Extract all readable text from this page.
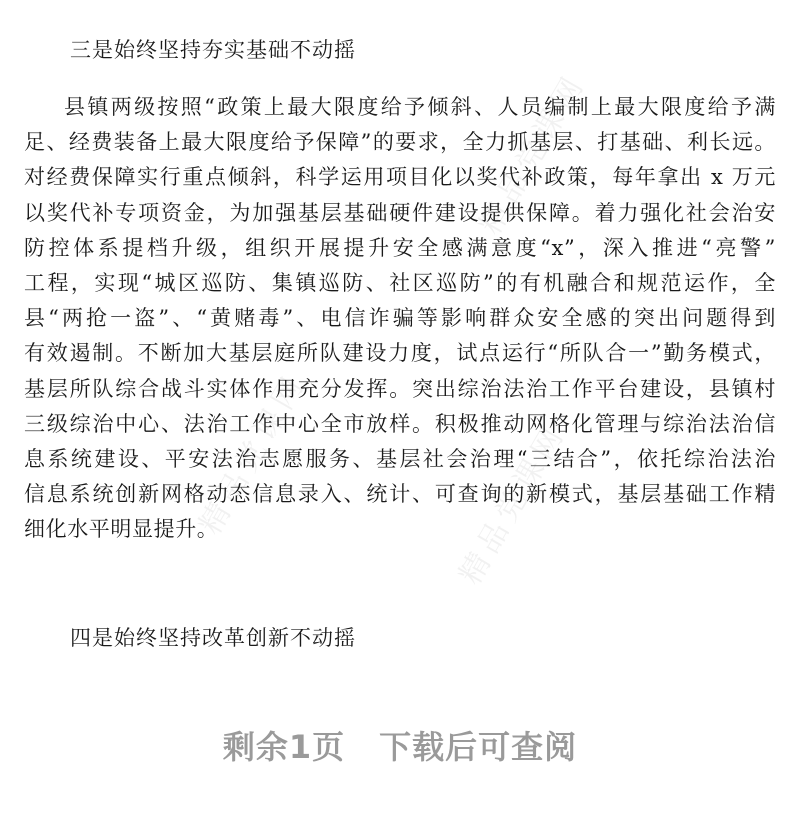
精品党课网
精品党课网	精品党课网
三是始终坚持夯实基础不动摇
县镇两级按照“政策上最大限度给予倾斜、人员编制上最大限度给予满
足、经费装备上最大限度给予保障”的要求，全力抓基层、打基础、利长远。
对经费保障实行重点倾斜，科学运用项目化以奖代补政策，每年拿出 x 万元
以奖代补专项资金，为加强基层基础硬件建设提供保障。着力强化社会治安
防控体系提档升级，组织开展提升安全感满意度“x”，深入推进“亮警”
工程，实现“城区巡防、集镇巡防、社区巡防”的有机融合和规范运作，全
县“两抢一盗”、“黄赌毒”、电信诈骗等影响群众安全感的突出问题得到
有效遏制。不断加大基层庭所队建设力度，试点运行“所队合一”勤务模式，
基层所队综合战斗实体作用充分发挥。突出综治法治工作平台建设，县镇村
三级综治中心、法治工作中心全市放样。积极推动网格化管理与综治法治信
息系统建设、平安法治志愿服务、基层社会治理“三结合”，依托综治法治
信息系统创新网格动态信息录入、统计、可查询的新模式，基层基础工作精
细化水平明显提升。
四是始终坚持改革创新不动摇
剩余1页 下载后可查阅
